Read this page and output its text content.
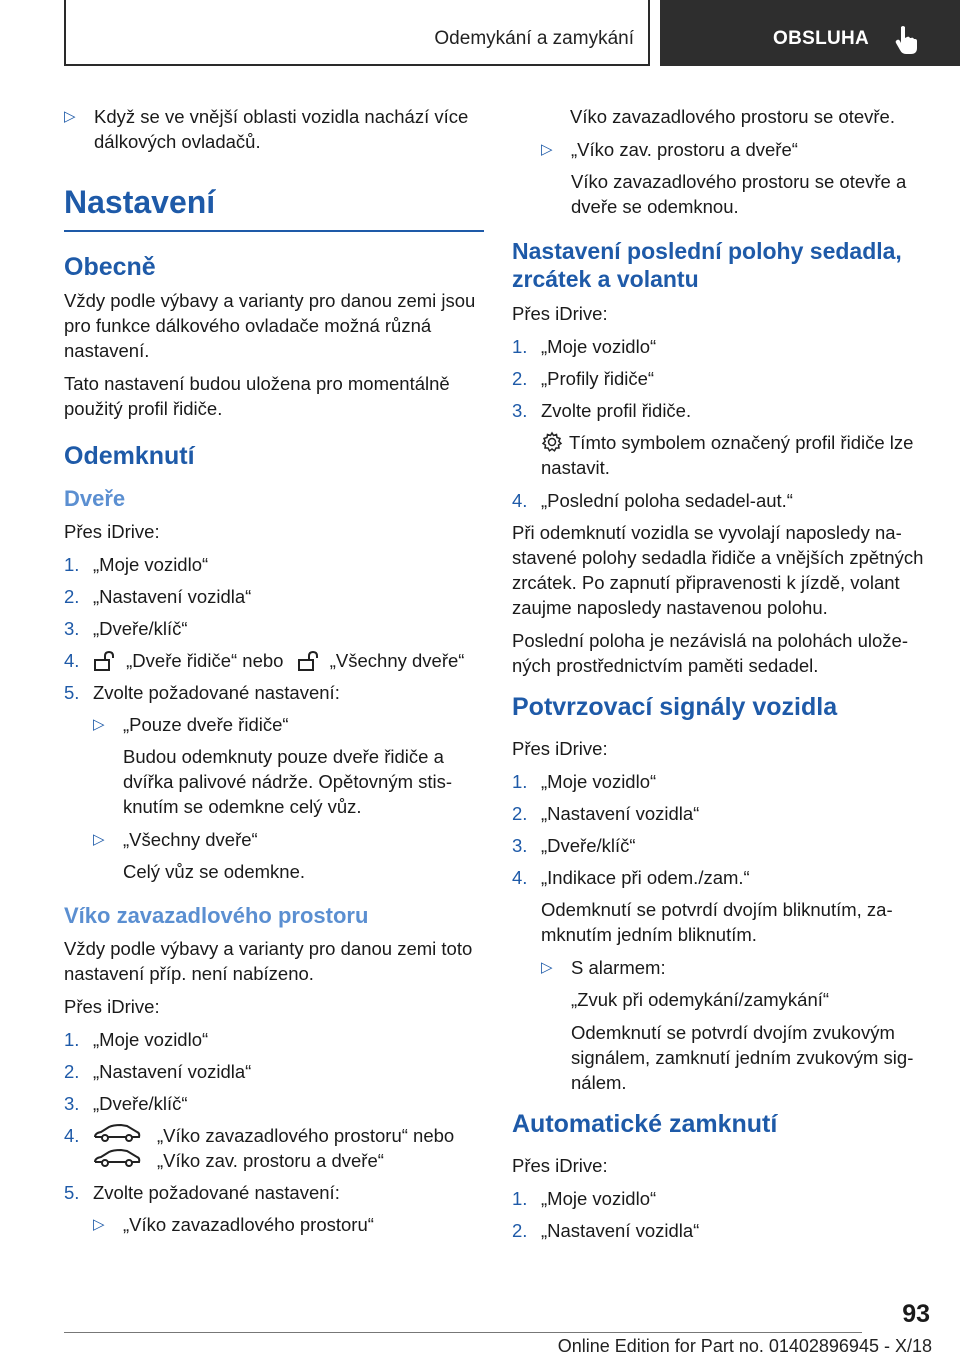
Odemykání a zamykání	OBSLUHA
▷ Když se ve vnější oblasti vozidla nachází více dálkových ovladačů.
Nastavení
Obecně

Vždy podle výbavy a varianty pro danou zemi jsou pro funkce dálkového ovladače možná různá nastavení.

Tato nastavení budou uložena pro momentálně použitý profil řidiče.

Odemknutí
Dveře

Přes iDrive:

1. „Moje vozidlo“
2. „Nastavení vozidla“
3. „Dveře/klíč“
4.	„Dveře řidiče“ nebo	„Všechny dveře“
5. Zvolte požadované nastavení:
▷ „Pouze dveře řidiče“

Budou odemknuty pouze dveře řidiče a dvířka palivové nádrže. Opětovným stisknutím se odemkne celý vůz.

▷ „Všechny dveře“

Celý vůz se odemkne.

Víko zavazadlového prostoru

Vždy podle výbavy a varianty pro danou zemi toto nastavení příp. není nabízeno.

Přes iDrive:

1. „Moje vozidlo“
2. „Nastavení vozidla“
3. „Dveře/klíč“
4.	„Víko zavazadlového prostoru“ nebo
„Víko zav. prostoru a dveře“
5. Zvolte požadované nastavení:
▷ „Víko zavazadlového prostoru“

Víko zavazadlového prostoru se otevře.

▷ „Víko zav. prostoru a dveře“

Víko zavazadlového prostoru se otevře a dveře se odemknou.

Nastavení poslední polohy sedadla, zrcátek a volantu

Přes iDrive:

1. „Moje vozidlo“
2. „Profily řidiče“
3. Zvolte profil řidiče.

Tímto symbolem označený profil řidiče lze nastavit.

4. „Poslední poloha sedadel-aut.“

Při odemknutí vozidla se vyvolají naposledy nastavené polohy sedadla řidiče a vnějších zpětných zrcátek. Po zapnutí připravenosti k jízdě, volant zaujme naposledy nastavenou polohu.

Poslední poloha je nezávislá na polohách uložených prostřednictvím paměti sedadel.

Potvrzovací signály vozidla

Přes iDrive:

1. „Moje vozidlo“
2. „Nastavení vozidla“
3. „Dveře/klíč“
4. „Indikace při odem./zam.“

Odemknutí se potvrdí dvojím bliknutím, zamknutím jedním bliknutím.

▷ S alarmem:

„Zvuk při odemykání/zamykání“

Odemknutí se potvrdí dvojím zvukovým signálem, zamknutí jedním zvukovým signálem.

Automatické zamknutí

Přes iDrive:

1. „Moje vozidlo“
2. „Nastavení vozidla“
93
Online Edition for Part no. 01402896945 - X/18
